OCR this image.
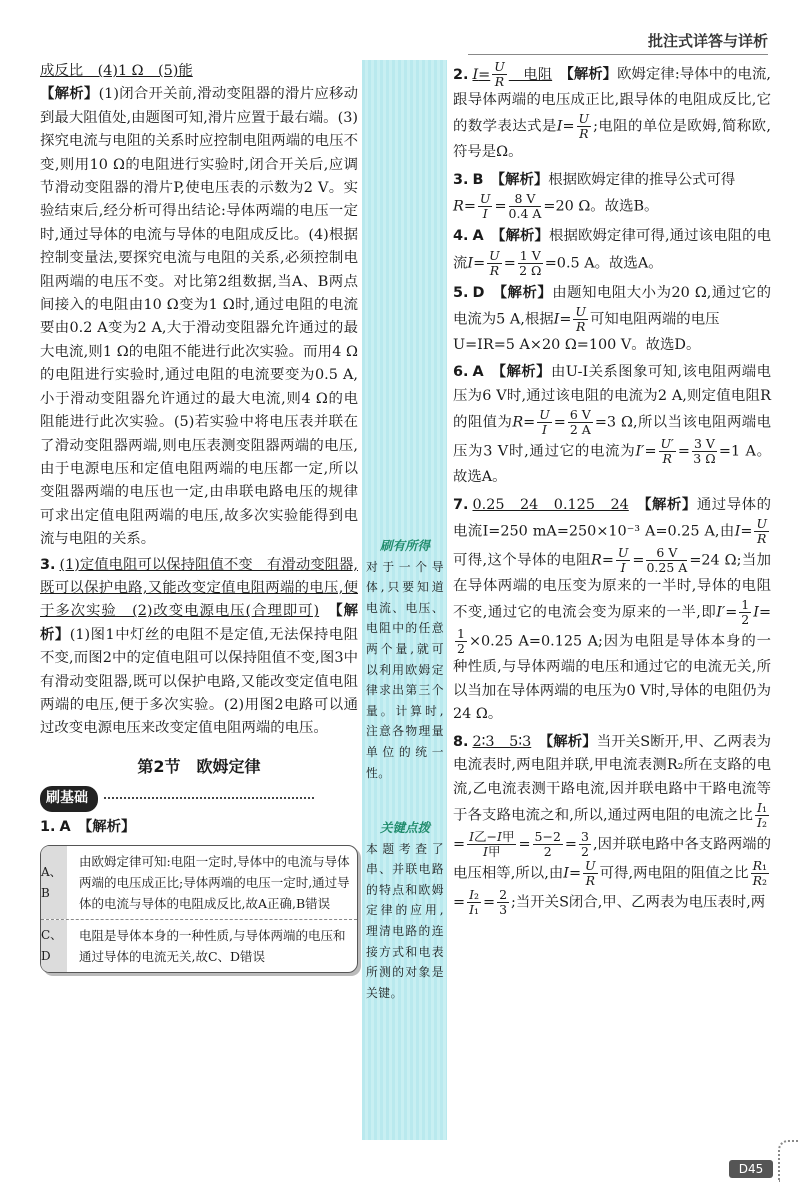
批注式详答与详析

成反比　(4)1 Ω　(5)能

【解析】(1)闭合开关前,滑动变阻器的滑片应移动到最大阻值处,由题图可知,滑片应置于最右端。(3)探究电流与电阻的关系时应控制电阻两端的电压不变,则用10 Ω的电阻进行实验时,闭合开关后,应调节滑动变阻器的滑片P,使电压表的示数为2 V。实验结束后,经分析可得出结论:导体两端的电压一定时,通过导体的电流与导体的电阻成反比。(4)根据控制变量法,要探究电流与电阻的关系,必须控制电阻两端的电压不变。对比第2组数据,当A、B两点间接入的电阻由10 Ω变为1 Ω时,通过电阻的电流要由0.2 A变为2 A,大于滑动变阻器允许通过的最大电流,则1 Ω的电阻不能进行此次实验。而用4 Ω的电阻进行实验时,通过电阻的电流要变为0.5 A,小于滑动变阻器允许通过的最大电流,则4 Ω的电阻能进行此次实验。(5)若实验中将电压表并联在了滑动变阻器两端,则电压表测变阻器两端的电压,由于电源电压和定值电阻两端的电压都一定,所以变阻器两端的电压也一定,由串联电路电压的规律可求出定值电阻两端的电压,故多次实验能得到电流与电阻的关系。

3. (1)定值电阻可以保持阻值不变　有滑动变阻器,既可以保护电路,又能改变定值电阻两端的电压,便于多次实验　(2)改变电源电压(合理即可)　 【解析】(1)图1中灯丝的电阻不是定值,无法保持电阻不变,而图2中的定值电阻可以保持阻值不变,图3中有滑动变阻器,既可以保护电路,又能改变定值电阻两端的电压,便于多次实验。(2)用图2电路可以通过改变电源电压来改变定值电阻两端的电压。

第2节　欧姆定律
刷基础

1. A　 【解析】

A、B
由欧姆定律可知:电阻一定时,导体中的电流与导体两端的电压成正比;导体两端的电压一定时,通过导体的电流与导体的电阻成反比,故A正确,B错误
C、D
电阻是导体本身的一种性质,与导体两端的电压和通过导体的电流无关,故C、D错误
刷有所得
对于一个导体,只要知道电流、电压、电阻中的任意两个量,就可以利用欧姆定律求出第三个量。计算时,注意各物理量单位的统一性。
关键点拨
本题考查了串、并联电路的特点和欧姆定律的应用,理清电路的连接方式和电表所测的对象是关键。

2. $I= \frac{U}{R}$ 　电阻　 【解析】欧姆定律:导体中的电流,跟导体两端的电压成正比,跟导体的电阻成反比,它的数学表达式是$I= \frac{U}{R}$ ;电阻的单位是欧姆,简称欧,符号是Ω。

3. B　 【解析】根据欧姆定律的推导公式可得
$R= \frac{U}{I} = \frac{8 V}{0.4 A} =20$ Ω。故选B。

4. A　 【解析】根据欧姆定律可得,通过该电阻的电流$I= \frac{U}{R} = \frac{1 V}{2 \Omega} =0.5$ A。故选A。

5. D　 【解析】由题知电阻大小为20 Ω,通过它的电流为5 A,根据$I= \frac{U}{R}$ 可知电阻两端的电压
U=IR=5 A×20 Ω=100 V。故选D。

6. A　 【解析】由U-I关系图象可知,该电阻两端电压为6 V时,通过该电阻的电流为2 A,则定值电阻R的阻值为$R= \frac{U}{I} = \frac{6 V}{2 A} =3$ Ω,所以当该电阻两端电压为3 V时,通过它的电流为$I'= \frac{U'}{R} = \frac{3 V}{3 \Omega} =1$ A。故选A。

7. 0.25　24　0.125　24　 【解析】通过导体的电流I=250 mA=250×10⁻³ A=0.25 A,由$I= \frac{U}{R}$
可得,这个导体的电阻$R= \frac{U}{I} = \frac{6 V}{0.25 A} =24$ Ω;当加在导体两端的电压变为原来的一半时,导体的电阻不变,通过它的电流会变为原来的一半,即$I'= \frac{1}{2} I=$
$\frac{1}{2} \times 0.25$ A=0.125 A;因为电阻是导体本身的一种性质,与导体两端的电压和通过它的电流无关,所以当加在导体两端的电压为0 V时,导体的电阻仍为24 Ω。

8. 2∶3　5∶3　 【解析】当开关S断开,甲、乙两表为电流表时,两电阻并联,甲电流表测R₂所在支路的电流,乙电流表测干路电流,因并联电路中干路电流等于各支路电流之和,所以,通过两电阻的电流之比 $\frac{\text{I₁}}{\text{I₂}}$
= $\frac{\text{I乙−I甲}}{\text{I甲}} = \frac{5-2}{2} = \frac{3}{2}$ ,因并联电路中各支路两端的电压相等,所以,由$I= \frac{U}{R}$ 可得,两电阻的阻值之比 $\frac{\text{R₁}}{\text{R₂}}$
= $\frac{\text{I₂}}{\text{I₁}} = \frac{2}{3}$ ;当开关S闭合,甲、乙两表为电压表时,两

D45
